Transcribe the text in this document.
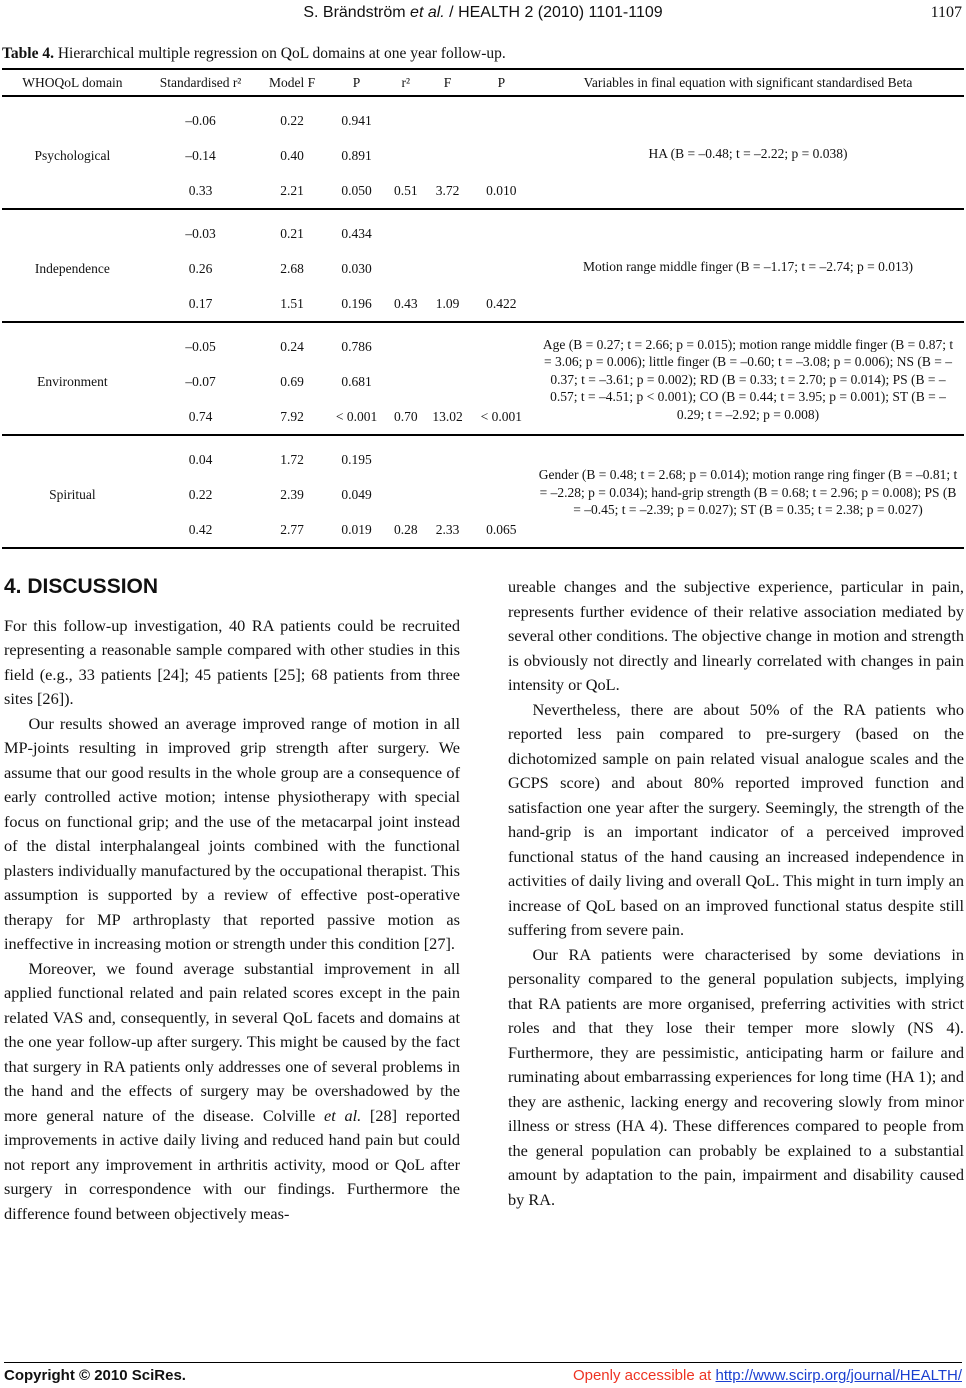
S. Brändström et al. / HEALTH 2 (2010) 1101-1109	1107
Table 4. Hierarchical multiple regression on QoL domains at one year follow-up.
WHOQoL domain	Standardised r²	Model F	P	r²	F	P	Variables in final equation with significant standardised Beta
Psychological	–0.06	0.22	0.941				HA (B = –0.48; t = –2.22; p = 0.038)
	–0.14	0.40	0.891				
	0.33	2.21	0.050	0.51	3.72	0.010	
Independence	–0.03	0.21	0.434				Motion range middle finger (B = –1.17; t = –2.74; p = 0.013)
	0.26	2.68	0.030				
	0.17	1.51	0.196	0.43	1.09	0.422	
Environment	–0.05	0.24	0.786				Age (B = 0.27; t = 2.66; p = 0.015); motion range middle finger (B = 0.87; t = 3.06; p = 0.006); little finger (B = –0.60; t = –3.08; p = 0.006); NS (B = –0.37; t = –3.61; p = 0.002); RD (B = 0.33; t = 2.70; p = 0.014); PS (B = –0.57; t = –4.51; p < 0.001); CO (B = 0.44; t = 3.95; p = 0.001); ST (B = –0.29; t = –2.92; p = 0.008)
	–0.07	0.69	0.681				
	0.74	7.92	< 0.001	0.70	13.02	< 0.001	
Spiritual	0.04	1.72	0.195				Gender (B = 0.48; t = 2.68; p = 0.014); motion range ring finger (B = –0.81; t = –2.28; p = 0.034); hand-grip strength (B = 0.68; t = 2.96; p = 0.008); PS (B = –0.45; t = –2.39; p = 0.027); ST (B = 0.35; t = 2.38; p = 0.027)
	0.22	2.39	0.049				
	0.42	2.77	0.019	0.28	2.33	0.065	
4. DISCUSSION

For this follow-up investigation, 40 RA patients could be recruited representing a reasonable sample compared with other studies in this field (e.g., 33 patients [24]; 45 patients [25]; 68 patients from three sites [26]).

Our results showed an average improved range of motion in all MP-joints resulting in improved grip strength after surgery. We assume that our good results in the whole group are a consequence of early controlled active motion; intense physiotherapy with special focus on functional grip; and the use of the metacarpal joint instead of the distal interphalangeal joints combined with the functional plasters individually manufactured by the occupational therapist. This assumption is supported by a review of effective post-operative therapy for MP arthroplasty that reported passive motion as ineffective in increasing motion or strength under this condition [27].

Moreover, we found average substantial improvement in all applied functional related and pain related scores except in the pain related VAS and, consequently, in several QoL facets and domains at the one year follow-up after surgery. This might be caused by the fact that surgery in RA patients only addresses one of several problems in the hand and the effects of surgery may be overshadowed by the more general nature of the disease. Colville et al. [28] reported improvements in active daily living and reduced hand pain but could not report any improvement in arthritis activity, mood or QoL after surgery in correspondence with our findings. Furthermore the difference found between objectively meas-

ureable changes and the subjective experience, particular in pain, represents further evidence of their relative association mediated by several other conditions. The objective change in motion and strength is obviously not directly and linearly correlated with changes in pain intensity or QoL.

Nevertheless, there are about 50% of the RA patients who reported less pain compared to pre-surgery (based on the dichotomized sample on pain related visual analogue scales and the GCPS score) and about 80% reported improved function and satisfaction one year after the surgery. Seemingly, the strength of the hand-grip is an important indicator of a perceived improved functional status of the hand causing an increased independence in activities of daily living and overall QoL. This might in turn imply an increase of QoL based on an improved functional status despite still suffering from severe pain.

Our RA patients were characterised by some deviations in personality compared to the general population subjects, implying that RA patients are more organised, preferring activities with strict roles and that they lose their temper more slowly (NS 4). Furthermore, they are pessimistic, anticipating harm or failure and ruminating about embarrassing experiences for long time (HA 1); and they are asthenic, lacking energy and recovering slowly from minor illness or stress (HA 4). These differences compared to people from the general population can probably be explained to a substantial amount by adaptation to the pain, impairment and disability caused by RA.

Copyright © 2010 SciRes.	Openly accessible at http://www.scirp.org/journal/HEALTH/
